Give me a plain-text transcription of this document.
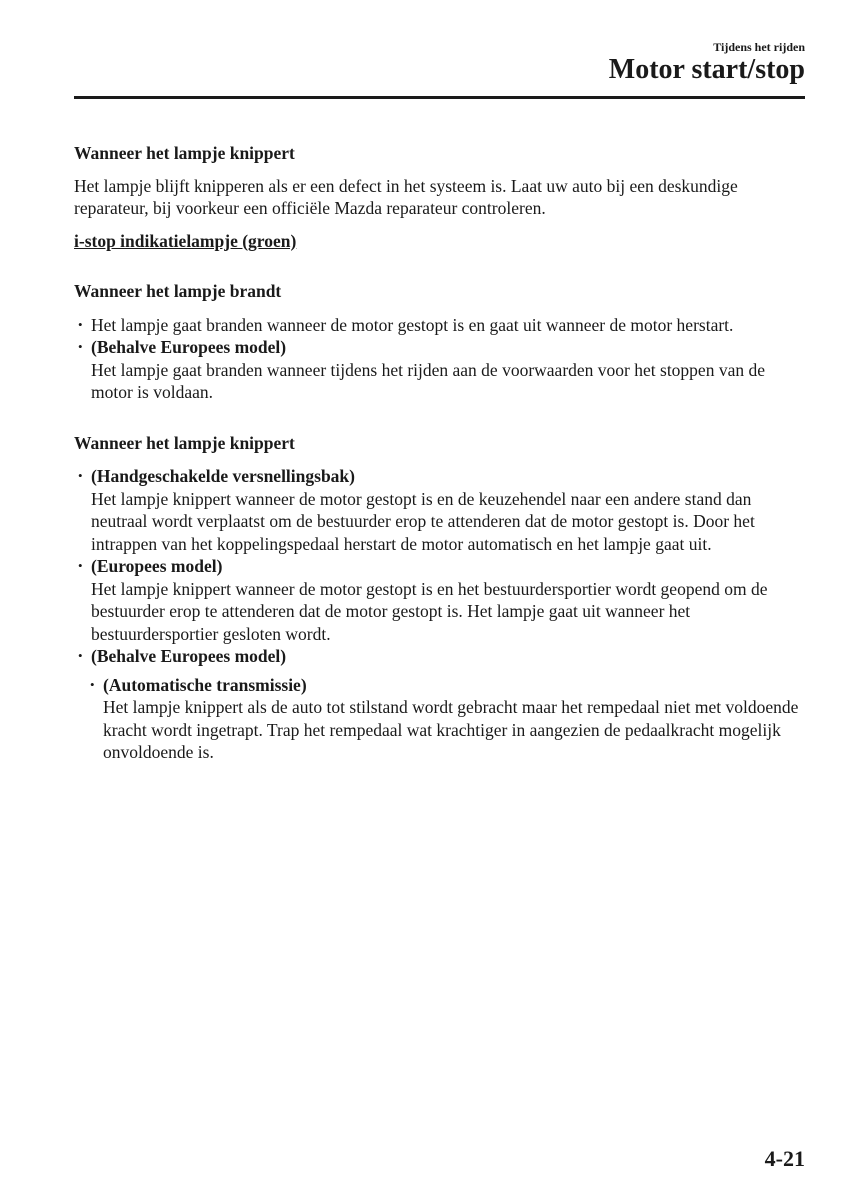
Tijdens het rijden
Motor start/stop

Wanneer het lampje knippert

Het lampje blijft knipperen als er een defect in het systeem is. Laat uw auto bij een deskundige reparateur, bij voorkeur een officiële Mazda reparateur controleren.

i-stop indikatielampje (groen)

Wanneer het lampje brandt

• Het lampje gaat branden wanneer de motor gestopt is en gaat uit wanneer de motor herstart.
• (Behalve Europees model)
Het lampje gaat branden wanneer tijdens het rijden aan de voorwaarden voor het stoppen van de motor is voldaan.

Wanneer het lampje knippert

• (Handgeschakelde versnellingsbak)
Het lampje knippert wanneer de motor gestopt is en de keuzehendel naar een andere stand dan neutraal wordt verplaatst om de bestuurder erop te attenderen dat de motor gestopt is. Door het intrappen van het koppelingspedaal herstart de motor automatisch en het lampje gaat uit.
• (Europees model)
Het lampje knippert wanneer de motor gestopt is en het bestuurdersportier wordt geopend om de bestuurder erop te attenderen dat de motor gestopt is. Het lampje gaat uit wanneer het bestuurdersportier gesloten wordt.
• (Behalve Europees model)
• (Automatische transmissie)
Het lampje knippert als de auto tot stilstand wordt gebracht maar het rempedaal niet met voldoende kracht wordt ingetrapt. Trap het rempedaal wat krachtiger in aangezien de pedaalkracht mogelijk onvoldoende is.
4-21
